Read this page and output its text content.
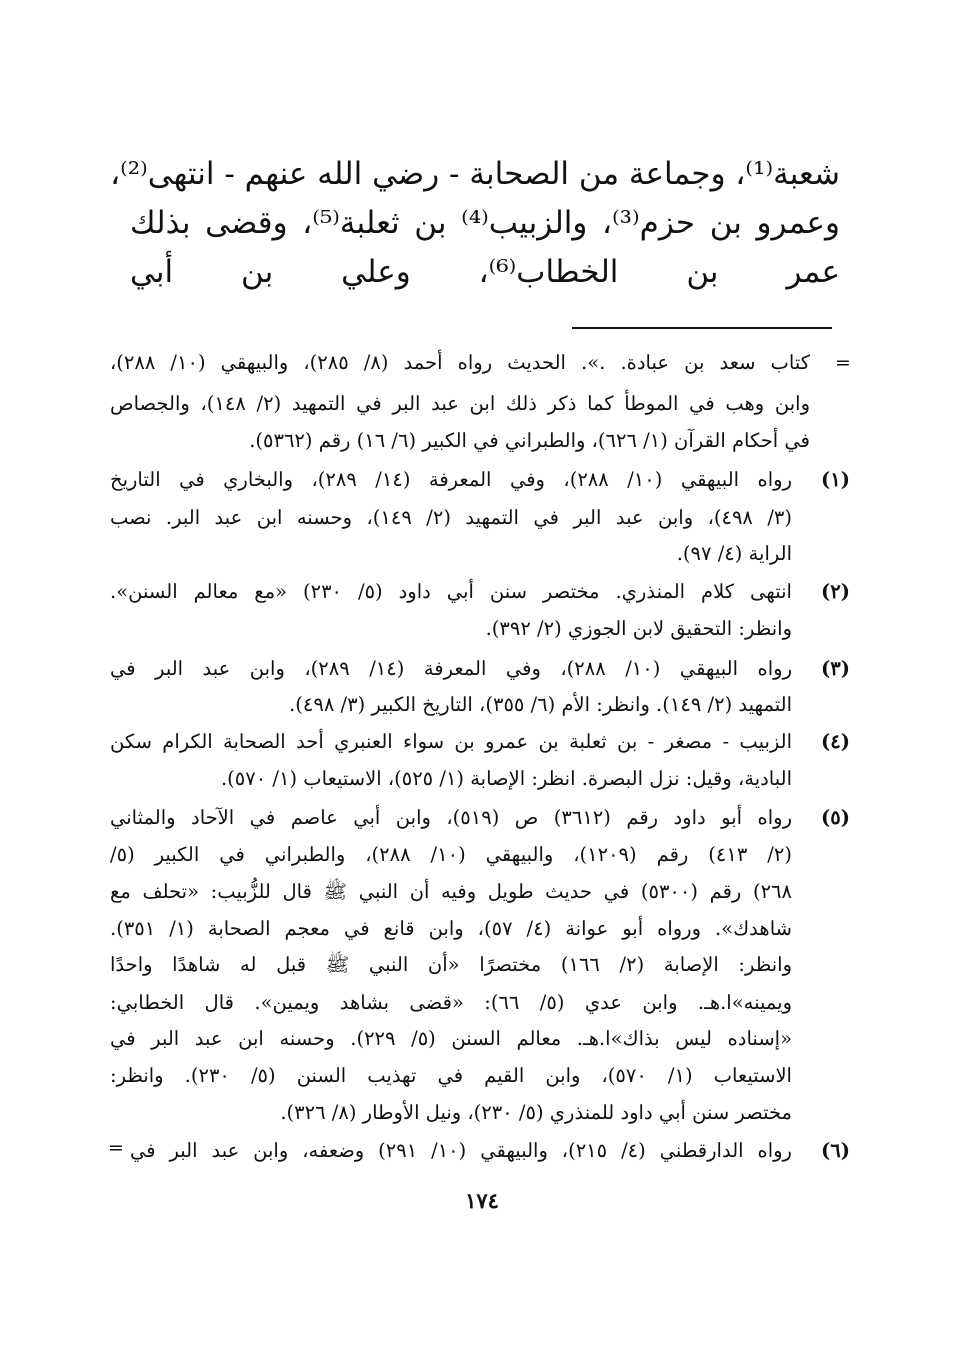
شعبة⁽¹⁾، وجماعة من الصحابة - رضي الله عنهم - انتهى⁽²⁾،
وعمرو بن حزم⁽³⁾، والزبيب⁽⁴⁾ بن ثعلبة⁽⁵⁾، وقضى بذلك
عمر بن الخطاب⁽⁶⁾، وعلي بن أبي
=
كتاب سعد بن عبادة. .». الحديث رواه أحمد (٨/ ٢٨٥)، والبيهقي (١٠/ ٢٨٨)،
وابن وهب في الموطأ كما ذكر ذلك ابن عبد البر في التمهيد (٢/ ١٤٨)، والجصاص
في أحكام القرآن (١/ ٦٢٦)، والطبراني في الكبير (٦/ ١٦) رقم (٥٣٦٢).
(١)
رواه البيهقي (١٠/ ٢٨٨)، وفي المعرفة (١٤/ ٢٨٩)، والبخاري في التاريخ
(٣/ ٤٩٨)، وابن عبد البر في التمهيد (٢/ ١٤٩)، وحسنه ابن عبد البر. نصب
الراية (٤/ ٩٧).
(٢)
انتهى كلام المنذري. مختصر سنن أبي داود (٥/ ٢٣٠) «مع معالم السنن».
وانظر: التحقيق لابن الجوزي (٢/ ٣٩٢).
(٣)
رواه البيهقي (١٠/ ٢٨٨)، وفي المعرفة (١٤/ ٢٨٩)، وابن عبد البر في
التمهيد (٢/ ١٤٩). وانظر: الأم (٦/ ٣٥٥)، التاريخ الكبير (٣/ ٤٩٨).
(٤)
الزبيب - مصغر - بن ثعلبة بن عمرو بن سواء العنبري أحد الصحابة الكرام سكن
البادية، وقيل: نزل البصرة. انظر: الإصابة (١/ ٥٢٥)، الاستيعاب (١/ ٥٧٠).
(٥)
رواه أبو داود رقم (٣٦١٢) ص (٥١٩)، وابن أبي عاصم في الآحاد والمثاني
(٢/ ٤١٣) رقم (١٢٠٩)، والبيهقي (١٠/ ٢٨٨)، والطبراني في الكبير (٥/
٢٦٨) رقم (٥٣٠٠) في حديث طويل وفيه أن النبي ﷺ قال للزُّبيب: «تحلف مع
شاهدك». ورواه أبو عوانة (٤/ ٥٧)، وابن قانع في معجم الصحابة (١/ ٣٥١).
وانظر: الإصابة (٢/ ١٦٦) مختصرًا «أن النبي ﷺ قبل له شاهدًا واحدًا
ويمينه»ا.هـ. وابن عدي (٥/ ٦٦): «قضى بشاهد ويمين». قال الخطابي:
«إسناده ليس بذاك»ا.هـ. معالم السنن (٥/ ٢٢٩). وحسنه ابن عبد البر في
الاستيعاب (١/ ٥٧٠)، وابن القيم في تهذيب السنن (٥/ ٢٣٠). وانظر:
مختصر سنن أبي داود للمنذري (٥/ ٢٣٠)، ونيل الأوطار (٨/ ٣٢٦).
(٦)
رواه الدارقطني (٤/ ٢١٥)، والبيهقي (١٠/ ٢٩١) وضعفه، وابن عبد البر في
=
١٧٤
